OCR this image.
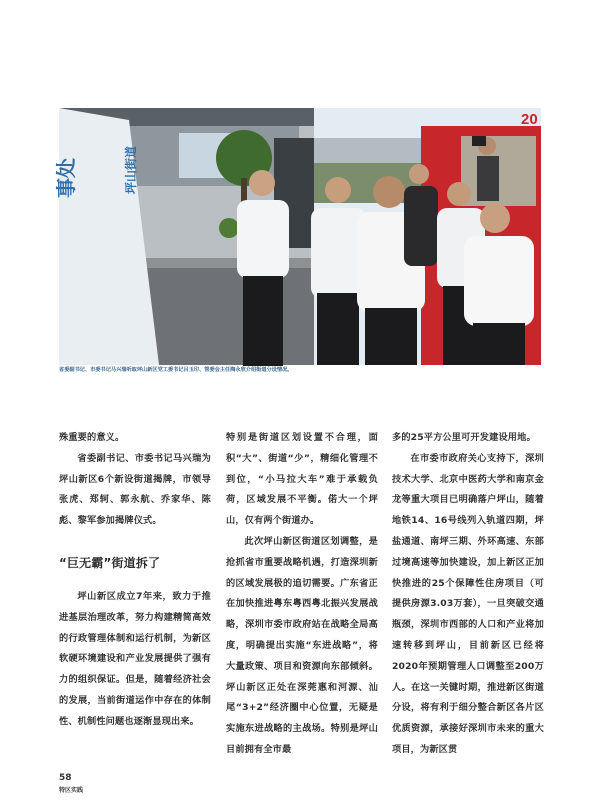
20
事处	坪山街道
省委副书记、市委书记马兴瑞听取坪山新区党工委书记吕玉印、管委会主任陶永欣介绍街道分设情况。

殊重要的意义。

省委副书记、市委书记马兴瑞为坪山新区6个新设街道揭牌，市领导张虎、郑轲、郭永航、乔家华、陈彪、黎军参加揭牌仪式。

“巨无霸”街道拆了

坪山新区成立7年来，致力于推进基层治理改革，努力构建精简高效的行政管理体制和运行机制，为新区软硬环境建设和产业发展提供了强有力的组织保证。但是，随着经济社会的发展，当前街道运作中存在的体制性、机制性问题也逐渐显现出来。

特别是街道区划设置不合理，面积“大”、街道“少”，精细化管理不到位，“小马拉大车”难于承载负荷，区域发展不平衡。偌大一个坪山，仅有两个街道办。

此次坪山新区街道区划调整，是抢抓省市重要战略机遇，打造深圳新的区域发展极的追切需要。广东省正在加快推进粤东粤西粤北振兴发展战略，深圳市委市政府站在战略全局高度，明确提出实施“东进战略”，将大量政策、项目和资源向东部倾斜。坪山新区正处在深莞惠和河源、汕尾“3+2”经济圈中心位置，无疑是实施东进战略的主战场。特别是坪山目前拥有全市最

多的25平方公里可开发建设用地。

在市委市政府关心支持下，深圳技术大学、北京中医药大学和南京金龙等重大项目已明确落户坪山，随着地铁14、16号线列入轨道四期，坪盐通道、南坪三期、外环高速、东部过境高速等加快建设，加上新区正加快推进的25个保障性住房项目（可提供房源3.03万套），一旦突破交通瓶颈，深圳市西部的人口和产业将加速转移到坪山，目前新区已经将2020年预期管理人口调整至200万人。在这一关键时期，推进新区街道分设，将有利于细分整合新区各片区优质资源，承接好深圳市未来的重大项目，为新区贯

58
特区实践
